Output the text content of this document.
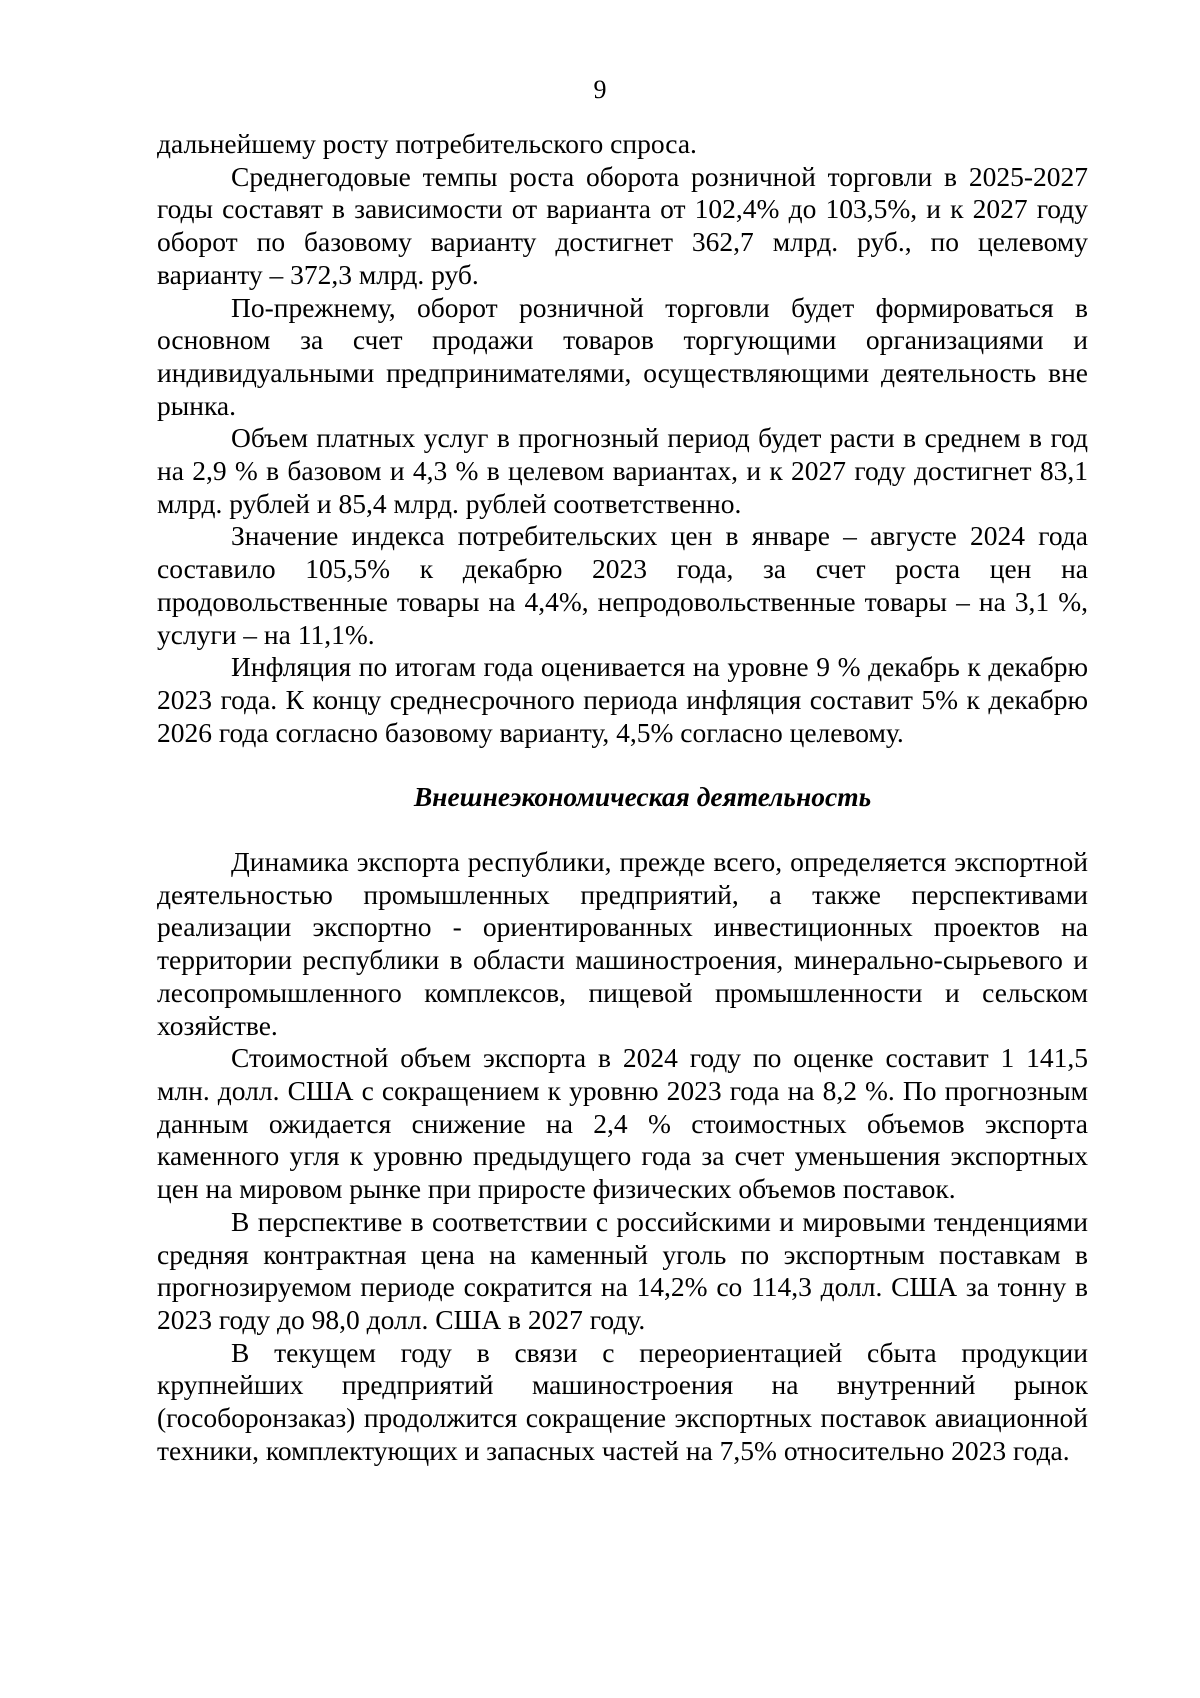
9

дальнейшему росту потребительского спроса.

Среднегодовые темпы роста оборота розничной торговли в 2025-2027 годы составят в зависимости от варианта от 102,4% до 103,5%, и к 2027 году оборот по базовому варианту достигнет 362,7 млрд. руб., по целевому варианту – 372,3 млрд. руб.

По-прежнему, оборот розничной торговли будет формироваться в основном за счет продажи товаров торгующими организациями и индивидуальными предпринимателями, осуществляющими деятельность вне рынка.

Объем платных услуг в прогнозный период будет расти в среднем в год на 2,9 % в базовом и 4,3 % в целевом вариантах, и к 2027 году достигнет 83,1 млрд. рублей и 85,4 млрд. рублей соответственно.

Значение индекса потребительских цен в январе – августе 2024 года составило 105,5% к декабрю 2023 года, за счет роста цен на продовольственные товары на 4,4%, непродовольственные товары – на 3,1 %, услуги – на 11,1%.

Инфляция по итогам года оценивается на уровне 9 % декабрь к декабрю 2023 года. К концу среднесрочного периода инфляция составит 5% к декабрю 2026 года согласно базовому варианту, 4,5% согласно целевому.

Внешнеэкономическая деятельность

Динамика экспорта республики, прежде всего, определяется экспортной деятельностью промышленных предприятий, а также перспективами реализации экспортно - ориентированных инвестиционных проектов на территории республики в области машиностроения, минерально-сырьевого и лесопромышленного комплексов, пищевой промышленности и сельском хозяйстве.

Стоимостной объем экспорта в 2024 году по оценке составит 1 141,5 млн. долл. США с сокращением к уровню 2023 года на 8,2 %. По прогнозным данным ожидается снижение на 2,4 % стоимостных объемов экспорта каменного угля к уровню предыдущего года за счет уменьшения экспортных цен на мировом рынке при приросте физических объемов поставок.

В перспективе в соответствии с российскими и мировыми тенденциями средняя контрактная цена на каменный уголь по экспортным поставкам в прогнозируемом периоде сократится на 14,2% со 114,3 долл. США за тонну в 2023 году до 98,0 долл. США в 2027 году.

В текущем году в связи с переориентацией сбыта продукции крупнейших предприятий машиностроения на внутренний рынок (гособоронзаказ) продолжится сокращение экспортных поставок авиационной техники, комплектующих и запасных частей на 7,5% относительно 2023 года.
